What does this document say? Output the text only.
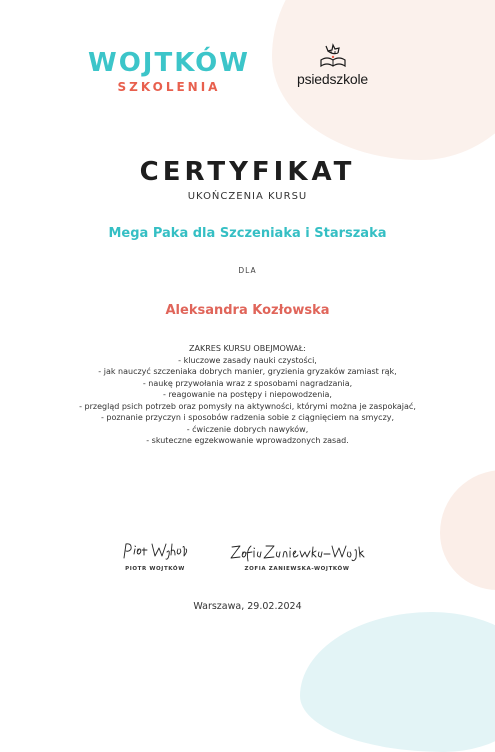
WOJTKÓW
SZKOLENIA	psiedszkole
CERTYFIKAT
UKOŃCZENIA KURSU
Mega Paka dla Szczeniaka i Starszaka
DLA
Aleksandra Kozłowska
ZAKRES KURSU OBEJMOWAŁ:
- kluczowe zasady nauki czystości,
- jak nauczyć szczeniaka dobrych manier, gryzienia gryzaków zamiast rąk,
- naukę przywołania wraz z sposobami nagradzania,
- reagowanie na postępy i niepowodzenia,
- przegląd psich potrzeb oraz pomysły na aktywności, którymi można je zaspokajać,
- poznanie przyczyn i sposobów radzenia sobie z ciągnięciem na smyczy,
- ćwiczenie dobrych nawyków,
- skuteczne egzekwowanie wprowadzonych zasad.
PIOTR WOJTKÓW	ZOFIA ZANIEWSKA-WOJTKÓW
Warszawa, 29.02.2024
